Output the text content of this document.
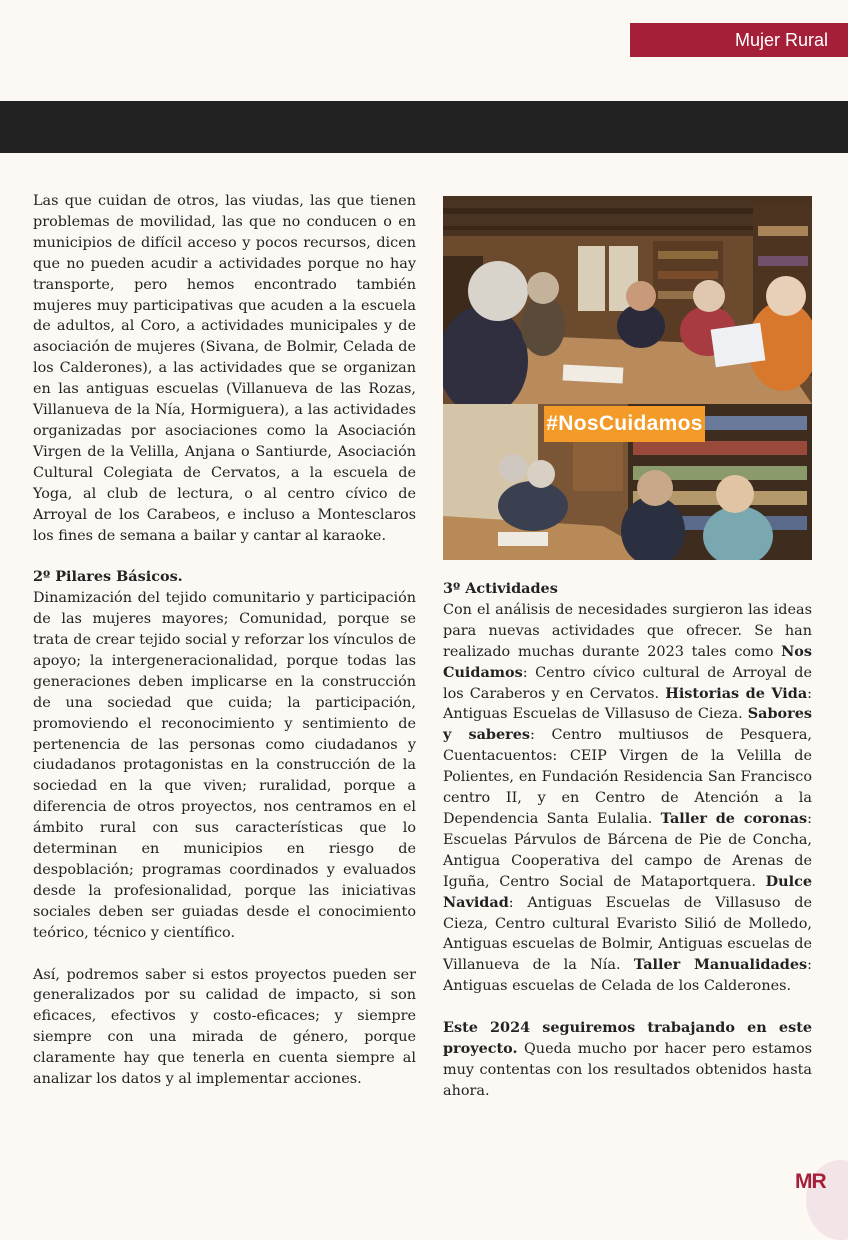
Mujer Rural

Las que cuidan de otros, las viudas, las que tienen problemas de movilidad, las que no conducen o en municipios de difícil acceso y pocos recursos, dicen que no pueden acudir a actividades porque no hay transporte, pero hemos encontrado también mujeres muy participativas que acuden a la escuela de adultos, al Coro, a actividades municipales y de asociación de mujeres (Sivana, de Bolmir, Celada de los Calderones), a las actividades que se organizan en las antiguas escuelas (Villanueva de las Rozas, Villanueva de la Nía, Hormiguera), a las actividades organizadas por asociaciones como la Asociación Virgen de la Velilla, Anjana o Santiurde, Asociación Cultural Colegiata de Cervatos, a la escuela de Yoga, al club de lectura, o al centro cívico de Arroyal de los Carabeos, e incluso a Montesclaros los fines de semana a bailar y cantar al karaoke.

2º Pilares Básicos.

Dinamización del tejido comunitario y participación de las mujeres mayores; Comunidad, porque se trata de crear tejido social y reforzar los vínculos de apoyo; la intergeneracionalidad, porque todas las generaciones deben implicarse en la construcción de una sociedad que cuida; la participación, promoviendo el reconocimiento y sentimiento de pertenencia de las personas como ciudadanos y ciudadanos protagonistas en la construcción de la sociedad en la que viven; ruralidad, porque a diferencia de otros proyectos, nos centramos en el ámbito rural con sus características que lo determinan en municipios en riesgo de despoblación; programas coordinados y evaluados desde la profesionalidad, porque las iniciativas sociales deben ser guiadas desde el conocimiento teórico, técnico y científico.

Así, podremos saber si estos proyectos pueden ser generalizados por su calidad de impacto, si son eficaces, efectivos y costo-eficaces; y siempre siempre con una mirada de género, porque claramente hay que tenerla en cuenta siempre al analizar los datos y al implementar acciones.

#NosCuidamos

3º Actividades

Con el análisis de necesidades surgieron las ideas para nuevas actividades que ofrecer. Se han realizado muchas durante 2023 tales como Nos Cuidamos: Centro cívico cultural de Arroyal de los Caraberos y en Cervatos. Historias de Vida: Antiguas Escuelas de Villasuso de Cieza. Sabores y saberes: Centro multiusos de Pesquera, Cuentacuentos: CEIP Virgen de la Velilla de Polientes, en Fundación Residencia San Francisco centro II, y en Centro de Atención a la Dependencia Santa Eulalia. Taller de coronas: Escuelas Párvulos de Bárcena de Pie de Concha, Antigua Cooperativa del campo de Arenas de Iguña, Centro Social de Mataportquera. Dulce Navidad: Antiguas Escuelas de Villasuso de Cieza, Centro cultural Evaristo Silió de Molledo, Antiguas escuelas de Bolmir, Antiguas escuelas de Villanueva de la Nía. Taller Manualidades: Antiguas escuelas de Celada de los Calderones.

Este 2024 seguiremos trabajando en este proyecto. Queda mucho por hacer pero estamos muy contentas con los resultados obtenidos hasta ahora.

MR
